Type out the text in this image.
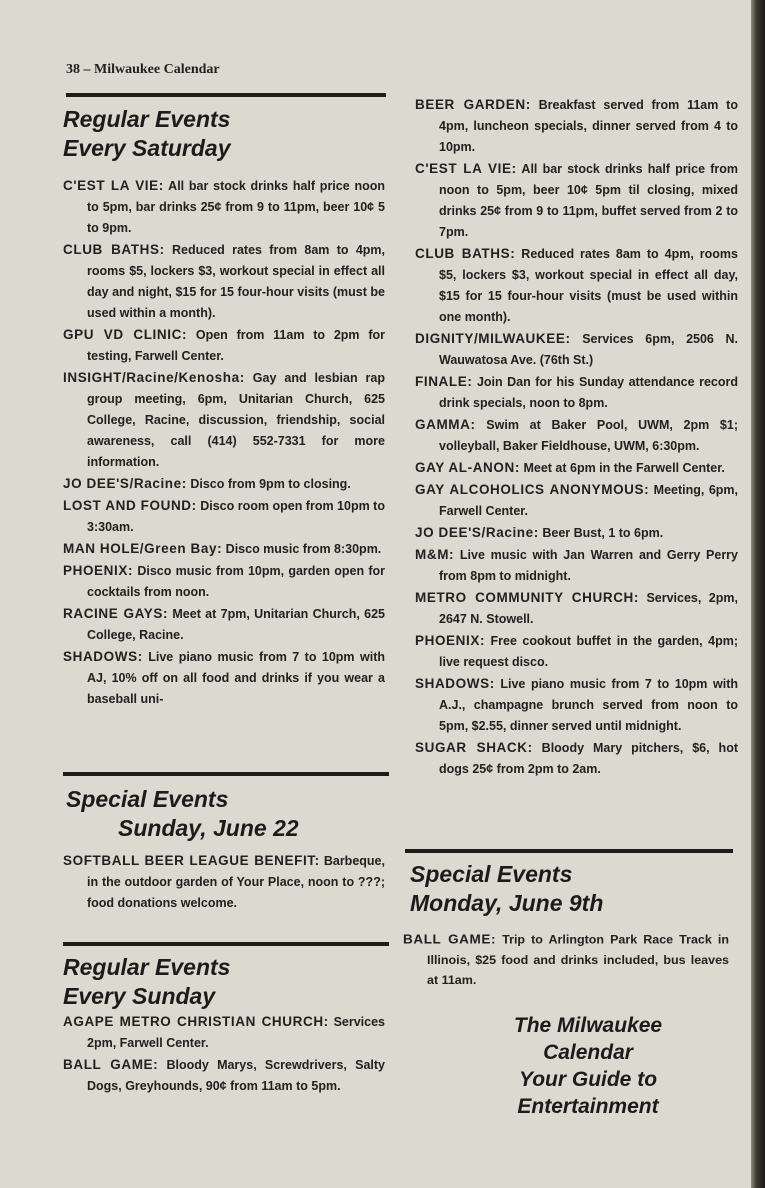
38 – Milwaukee Calendar
Regular Events
Every Saturday

C'EST LA VIE: All bar stock drinks half price noon to 5pm, bar drinks 25¢ from 9 to 11pm, beer 10¢ 5 to 9pm.

CLUB BATHS: Reduced rates from 8am to 4pm, rooms $5, lockers $3, workout special in effect all day and night, $15 for 15 four-hour visits (must be used within a month).

GPU VD CLINIC: Open from 11am to 2pm for testing, Farwell Center.

INSIGHT/Racine/Kenosha: Gay and lesbian rap group meeting, 6pm, Unitarian Church, 625 College, Racine, discussion, friendship, social awareness, call (414) 552-7331 for more information.

JO DEE'S/Racine: Disco from 9pm to closing.

LOST AND FOUND: Disco room open from 10pm to 3:30am.

MAN HOLE/Green Bay: Disco music from 8:30pm.

PHOENIX: Disco music from 10pm, garden open for cocktails from noon.

RACINE GAYS: Meet at 7pm, Unitarian Church, 625 College, Racine.

SHADOWS: Live piano music from 7 to 10pm with AJ, 10% off on all food and drinks if you wear a baseball uni-

Special Events
Sunday, June 22

SOFTBALL BEER LEAGUE BENEFIT: Barbeque, in the outdoor garden of Your Place, noon to ???; food donations welcome.

Regular Events
Every Sunday

AGAPE METRO CHRISTIAN CHURCH: Services 2pm, Farwell Center.

BALL GAME: Bloody Marys, Screwdrivers, Salty Dogs, Greyhounds, 90¢ from 11am to 5pm.

BEER GARDEN: Breakfast served from 11am to 4pm, luncheon specials, dinner served from 4 to 10pm.

C'EST LA VIE: All bar stock drinks half price from noon to 5pm, beer 10¢ 5pm til closing, mixed drinks 25¢ from 9 to 11pm, buffet served from 2 to 7pm.

CLUB BATHS: Reduced rates 8am to 4pm, rooms $5, lockers $3, workout special in effect all day, $15 for 15 four-hour visits (must be used within one month).

DIGNITY/MILWAUKEE: Services 6pm, 2506 N. Wauwatosa Ave. (76th St.)

FINALE: Join Dan for his Sunday attendance record drink specials, noon to 8pm.

GAMMA: Swim at Baker Pool, UWM, 2pm $1; volleyball, Baker Fieldhouse, UWM, 6:30pm.

GAY AL-ANON: Meet at 6pm in the Farwell Center.

GAY ALCOHOLICS ANONYMOUS: Meeting, 6pm, Farwell Center.

JO DEE'S/Racine: Beer Bust, 1 to 6pm.

M&M: Live music with Jan Warren and Gerry Perry from 8pm to midnight.

METRO COMMUNITY CHURCH: Services, 2pm, 2647 N. Stowell.

PHOENIX: Free cookout buffet in the garden, 4pm; live request disco.

SHADOWS: Live piano music from 7 to 10pm with A.J., champagne brunch served from noon to 5pm, $2.55, dinner served until midnight.

SUGAR SHACK: Bloody Mary pitchers, $6, hot dogs 25¢ from 2pm to 2am.

Special Events
Monday, June 9th

BALL GAME: Trip to Arlington Park Race Track in Illinois, $25 food and drinks included, bus leaves at 11am.

The Milwaukee
Calendar
Your Guide to
Entertainment
